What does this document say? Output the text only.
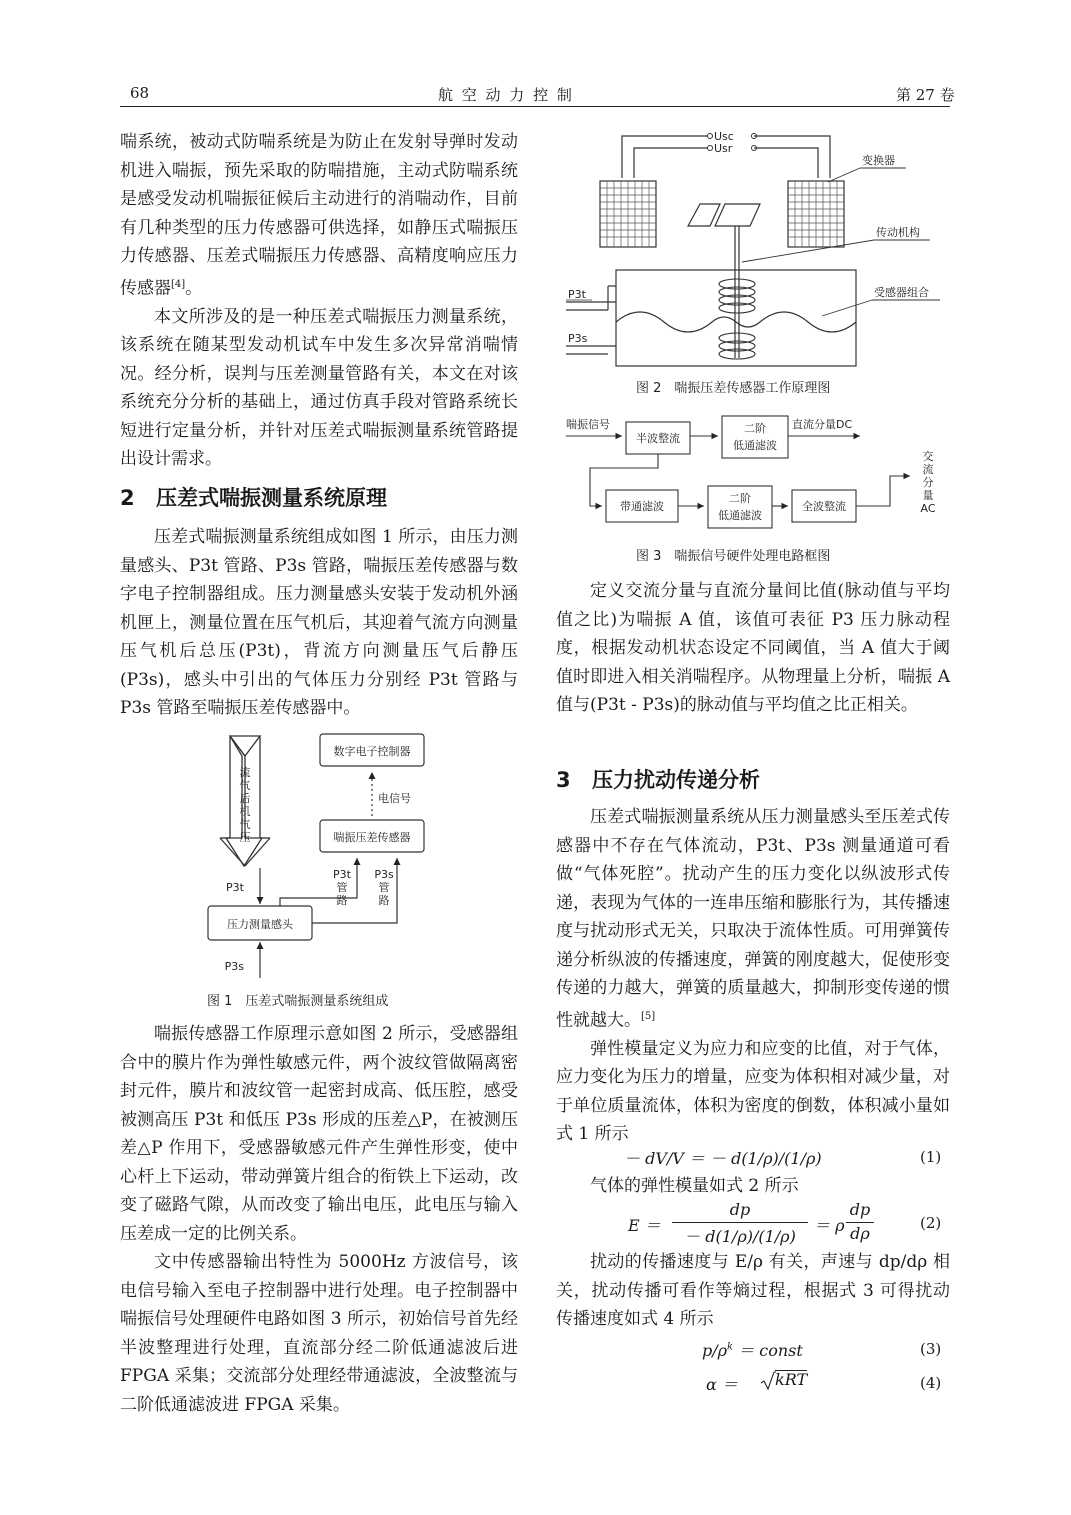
68	航 空 动 力 控 制	第 27 卷

喘系统，被动式防喘系统是为防止在发射导弹时发动机进入喘振，预先采取的防喘措施，主动式防喘系统是感受发动机喘振征候后主动进行的消喘动作，目前有几种类型的压力传感器可供选择，如静压式喘振压力传感器、压差式喘振压力传感器、高精度响应压力传感器[4]。

本文所涉及的是一种压差式喘振压力测量系统，该系统在随某型发动机试车中发生多次异常消喘情况。经分析，误判与压差测量管路有关，本文在对该系统充分分析的基础上，通过仿真手段对管路系统长短进行定量分析，并针对压差式喘振测量系统管路提出设计需求。

2 压差式喘振测量系统原理

压差式喘振测量系统组成如图 1 所示，由压力测量感头、P3t 管路、P3s 管路，喘振压差传感器与数字电子控制器组成。压力测量感头安装于发动机外涵机匣上，测量位置在压气机后，其迎着气流方向测量压气机后总压(P3t)，背流方向测量压气后静压(P3s)，感头中引出的气体压力分别经 P3t 管路与 P3s 管路至喘振压差传感器中。

流
气
后
机
气
压
数字电子控制器
电信号
喘振压差传感器
压力测量感头
P3t
P3s
P3t
管
路
P3s
管
路
图 1　压差式喘振测量系统组成

喘振传感器工作原理示意如图 2 所示，受感器组合中的膜片作为弹性敏感元件，两个波纹管做隔离密封元件，膜片和波纹管一起密封成高、低压腔，感受被测高压 P3t 和低压 P3s 形成的压差△P，在被测压差△P 作用下，受感器敏感元件产生弹性形变，使中心杆上下运动，带动弹簧片组合的衔铁上下运动，改变了磁路气隙，从而改变了输出电压，此电压与输入压差成一定的比例关系。

文中传感器输出特性为 5000Hz 方波信号，该电信号输入至电子控制器中进行处理。电子控制器中喘振信号处理硬件电路如图 3 所示，初始信号首先经半波整理进行处理，直流部分经二阶低通滤波后进 FPGA 采集；交流部分处理经带通滤波，全波整流与二阶低通滤波进 FPGA 采集。

Usc
Usr
P3t
P3s
变换器
传动机构
受感器组合
图 2　喘振压差传感器工作原理图
喘振信号
半波整流
二阶
低通滤波
直流分量DC
带通滤波
二阶
低通滤波
全波整流
交
流
分
量
AC
图 3　喘振信号硬件处理电路框图

定义交流分量与直流分量间比值(脉动值与平均值之比)为喘振 A 值，该值可表征 P3 压力脉动程度，根据发动机状态设定不同阈值，当 A 值大于阈值时即进入相关消喘程序。从物理量上分析，喘振 A 值与(P3t - P3s)的脉动值与平均值之比正相关。

3 压力扰动传递分析

压差式喘振测量系统从压力测量感头至压差式传感器中不存在气体流动，P3t、P3s 测量通道可看做“气体死腔”。扰动产生的压力变化以纵波形式传递，表现为气体的一连串压缩和膨胀行为，其传播速度与扰动形式无关，只取决于流体性质。可用弹簧传递分析纵波的传播速度，弹簧的刚度越大，促使形变传递的力越大，弹簧的质量越大，抑制形变传递的惯性就越大。[5]

弹性模量定义为应力和应变的比值，对于气体，应力变化为压力的增量，应变为体积相对减少量，对于单位质量流体，体积为密度的倒数，体积减小量如式 1 所示

－ dV/V ＝ － d(1/ρ)/(1/ρ)	(1)

气体的弹性模量如式 2 所示

E ＝
dp
－ d(1/ρ)/(1/ρ)
＝ ρ
dp
dρ
(2)

扰动的传播速度与 E/ρ 有关，声速与 dp/dρ 相关，扰动传播可看作等熵过程，根据式 3 可得扰动传播速度如式 4 所示

$p/\rho^k$ ＝ const	(3)
α ＝ kRT	(4)
